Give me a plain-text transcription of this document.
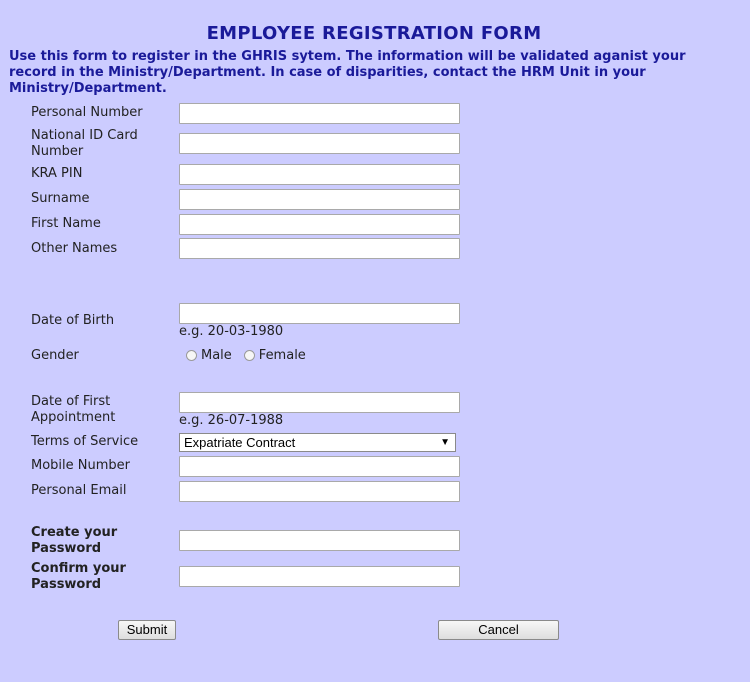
EMPLOYEE REGISTRATION FORM
Use this form to register in the GHRIS sytem. The information will be validated aganist your record in the Ministry/Department. In case of disparities, contact the HRM Unit in your Ministry/Department.
Personal Number
National ID Card Number
KRA PIN
Surname
First Name
Other Names
Date of Birth
e.g. 20-03-1980
Gender	Male Female
Date of First Appointment	e.g. 26-07-1988
Terms of Service	Expatriate Contract	▼
Mobile Number
Personal Email
Create your Password
Confirm your Password
Submit	Cancel
